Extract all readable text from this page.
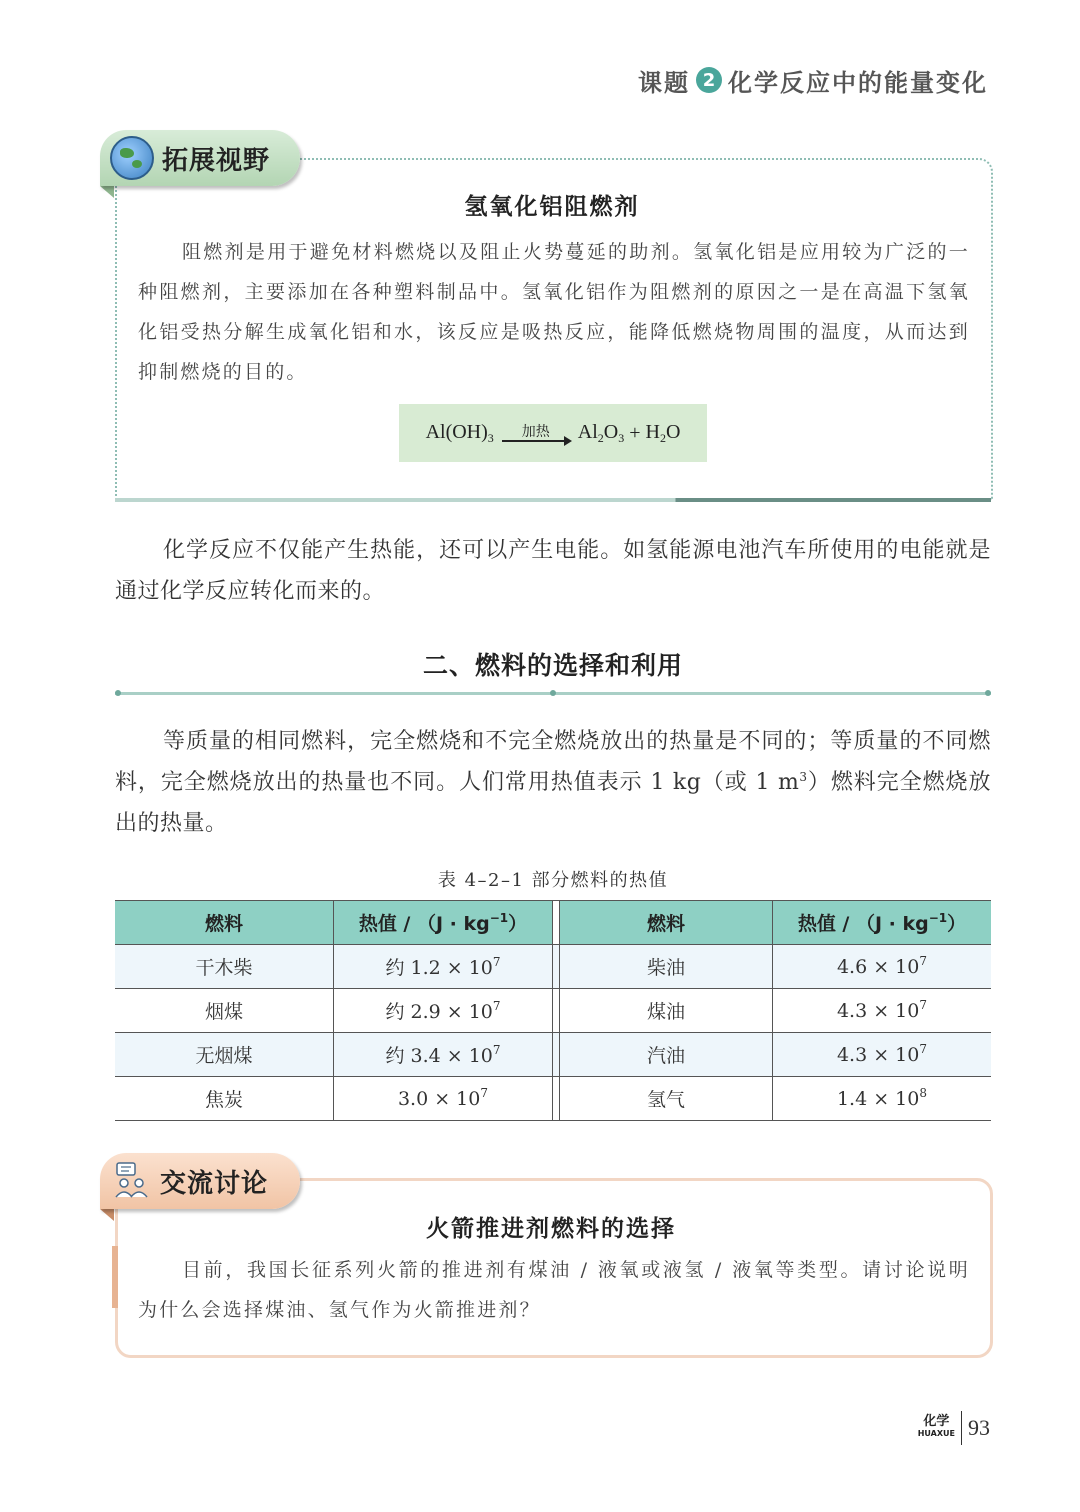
课题 2 化学反应中的能量变化
拓展视野
氢氧化铝阻燃剂
阻燃剂是用于避免材料燃烧以及阻止火势蔓延的助剂。氢氧化铝是应用较为广泛的一种阻燃剂，主要添加在各种塑料制品中。氢氧化铝作为阻燃剂的原因之一是在高温下氢氧化铝受热分解生成氧化铝和水，该反应是吸热反应，能降低燃烧物周围的温度，从而达到抑制燃烧的目的。
$Al(OH)_3$ 加热 $Al_2O_3 + H_2O$
化学反应不仅能产生热能，还可以产生电能。如氢能源电池汽车所使用的电能就是通过化学反应转化而来的。
二、燃料的选择和利用
等质量的相同燃料，完全燃烧和不完全燃烧放出的热量是不同的；等质量的不同燃料，完全燃烧放出的热量也不同。人们常用热值表示 1 kg（或 1 $m^3$）燃料完全燃烧放出的热量。
表 4–2–1 部分燃料的热值
燃料	热值 / $(J \cdot kg^{-1})$		燃料	热值 / $(J \cdot kg^{-1})$
干木柴	约 $1.2 \times 10^7$		柴油	$4.6 \times 10^7$
烟煤	约 $2.9 \times 10^7$		煤油	$4.3 \times 10^7$
无烟煤	约 $3.4 \times 10^7$		汽油	$4.3 \times 10^7$
焦炭	$3.0 \times 10^7$		氢气	$1.4 \times 10^8$
交流讨论
火箭推进剂燃料的选择
目前，我国长征系列火箭的推进剂有煤油 / 液氧或液氢 / 液氧等类型。请讨论说明为什么会选择煤油、氢气作为火箭推进剂？
化学
HUAXUE 93
